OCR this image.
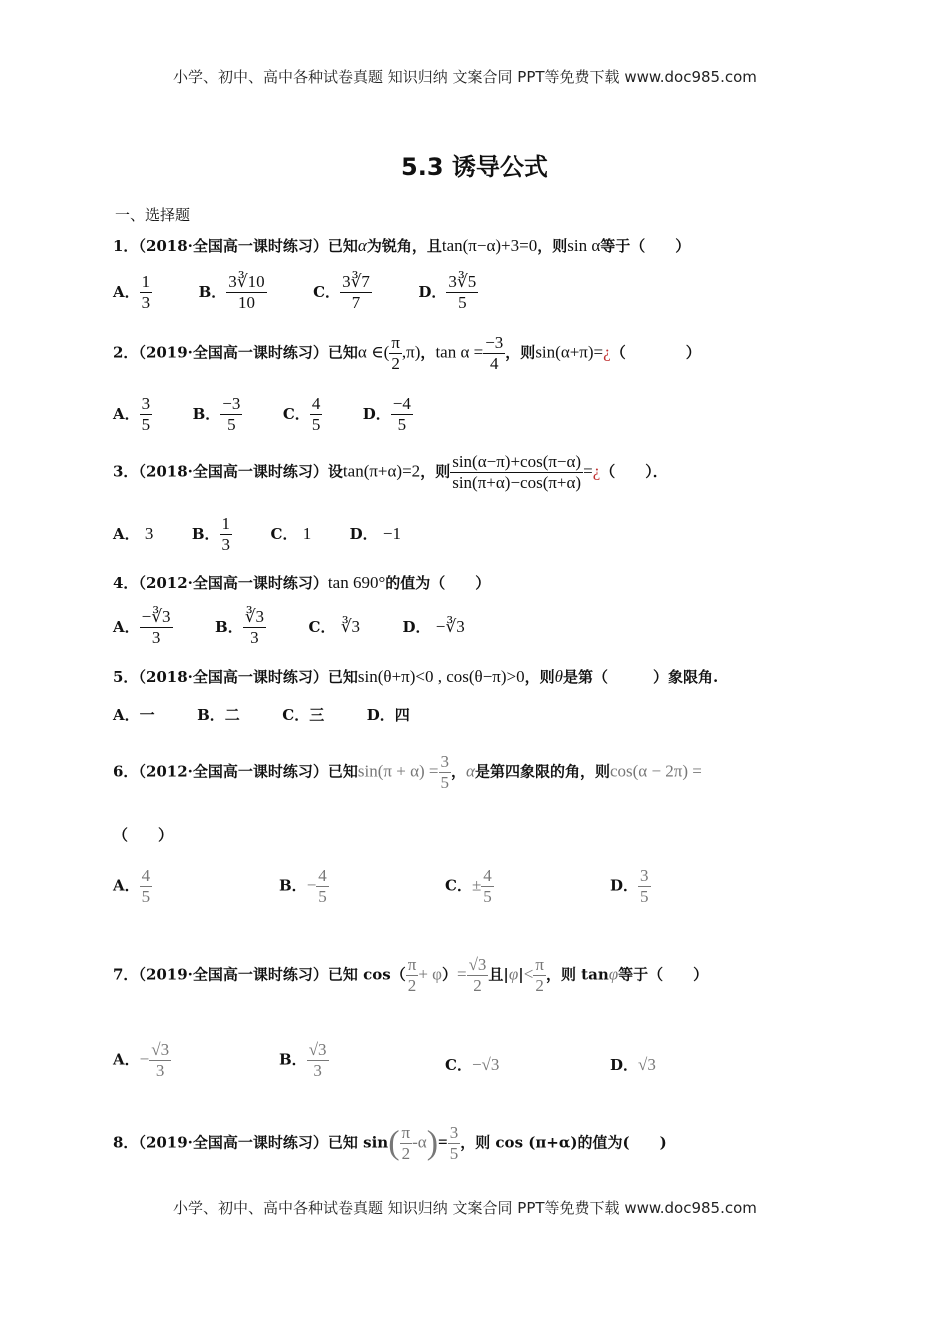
小学、初中、高中各种试卷真题 知识归纳 文案合同 PPT等免费下载 www.doc985.com
5.3 诱导公式
一、选择题
1．（2018·全国高一课时练习）已知α为锐角，且tan(π−α)+3=0，则sin α等于（　　）
A． $\frac{1}{3}$	B． $\frac{3∛10}{10}$	C． $\frac{3∛7}{7}$	D． $\frac{3∛5}{5}$
2．（2019·全国高一课时练习）已知α ∈( $\frac{\pi}{2} ,\pi$)，$\tan \alpha = \frac{-3}{4}$ ，则sin(α+π)=¿（　　　　）
A． $\frac{3}{5}$	B． $\frac{-3}{5}$	C． $\frac{4}{5}$	D． $\frac{-4}{5}$
3．（2018·全国高一课时练习）设tan(π+α)=2，则 $\frac{\sin(\alpha-\pi)+\cos(\pi-\alpha)}{\sin(\pi+\alpha)-\cos(\pi+\alpha)}$ =¿（　　）．
A． 3	B． $\frac{1}{3}$	C． 1	D． −1
4．（2012·全国高一课时练习）tan 690°的值为（　　）
A． $\frac{-∛3}{3}$	B． $\frac{∛3}{3}$	C． ∛3	D． −∛3
5．（2018·全国高一课时练习）已知sin(θ+π)<0 , cos(θ−π)>0，则θ是第（　　　）象限角.
A．一	B．二	C．三	D．四
6．（2012·全国高一课时练习）已知$\sin(\pi + \alpha) = \frac{3}{5}$ ，α是第四象限的角，则cos(α − 2π) =
（　　）
A． $\frac{4}{5}$	B．− $\frac{4}{5}$	C．± $\frac{4}{5}$	D． $\frac{3}{5}$
7．（2019·全国高一课时练习）已知 $\cos( \frac{\pi}{2} + \varphi)= \frac{√3}{2}$ 且$|\varphi|< \frac{\pi}{2}$ ，则 tanφ等于（　　）
A．− $\frac{√3}{3}$	B． $\frac{√3}{3}$	C．−√3	D．√3
8．（2019·全国高一课时练习）已知 $\sin( \frac{\pi}{2} -\alpha)= \frac{3}{5}$ ，则 cos (π+α)的值为(　　)
小学、初中、高中各种试卷真题 知识归纳 文案合同 PPT等免费下载 www.doc985.com
